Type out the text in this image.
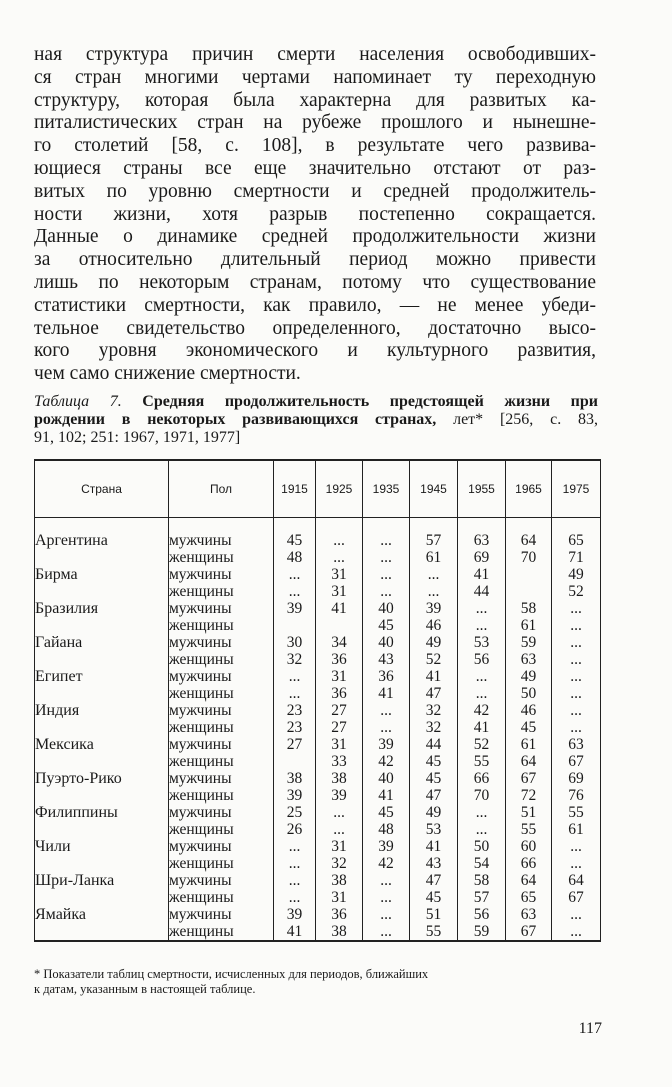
ная структура причин смерти населения освободивших-
ся стран многими чертами напоминает ту переходную
структуру, которая была характерна для развитых ка-
питалистических стран на рубеже прошлого и нынешне-
го столетий [58, с. 108], в результате чего развива-
ющиеся страны все еще значительно отстают от раз-
витых по уровню смертности и средней продолжитель-
ности жизни, хотя разрыв постепенно сокращается.
Данные о динамике средней продолжительности жизни
за относительно длительный период можно привести
лишь по некоторым странам, потому что существование
статистики смертности, как правило, — не менее убеди-
тельное свидетельство определенного, достаточно высо-
кого уровня экономического и культурного развития,
чем само снижение смертности.
Таблица 7. Средняя продолжительность предстоящей жизни при
рождении в некоторых развивающихся странах, лет* [256, с. 83,
91, 102; 251: 1967, 1971, 1977]
Страна	Пол	1915	1925	1935	1945	1955	1965	1975

Аргентина	мужчины	45	...	...	57	63	64	65
	женщины	48	...	...	61	69	70	71
Бирма	мужчины	...	31	...	...	41		49
	женщины	...	31	...	...	44		52
Бразилия	мужчины	39	41	40	39	...	58	...
	женщины			45	46	...	61	...
Гайана	мужчины	30	34	40	49	53	59	...
	женщины	32	36	43	52	56	63	...
Египет	мужчины	...	31	36	41	...	49	...
	женщины	...	36	41	47	...	50	...
Индия	мужчины	23	27	...	32	42	46	...
	женщины	23	27	...	32	41	45	...
Мексика	мужчины	27	31	39	44	52	61	63
	женщины		33	42	45	55	64	67
Пуэрто-Рико	мужчины	38	38	40	45	66	67	69
	женщины	39	39	41	47	70	72	76
Филиппины	мужчины	25	...	45	49	...	51	55
	женщины	26	...	48	53	...	55	61
Чили	мужчины	...	31	39	41	50	60	...
	женщины	...	32	42	43	54	66	...
Шри-Ланка	мужчины	...	38	...	47	58	64	64
	женщины	...	31	...	45	57	65	67
Ямайка	мужчины	39	36	...	51	56	63	...
	женщины	41	38	...	55	59	67	...
* Показатели таблиц смертности, исчисленных для периодов, ближайших
к датам, указанным в настоящей таблице.
117
